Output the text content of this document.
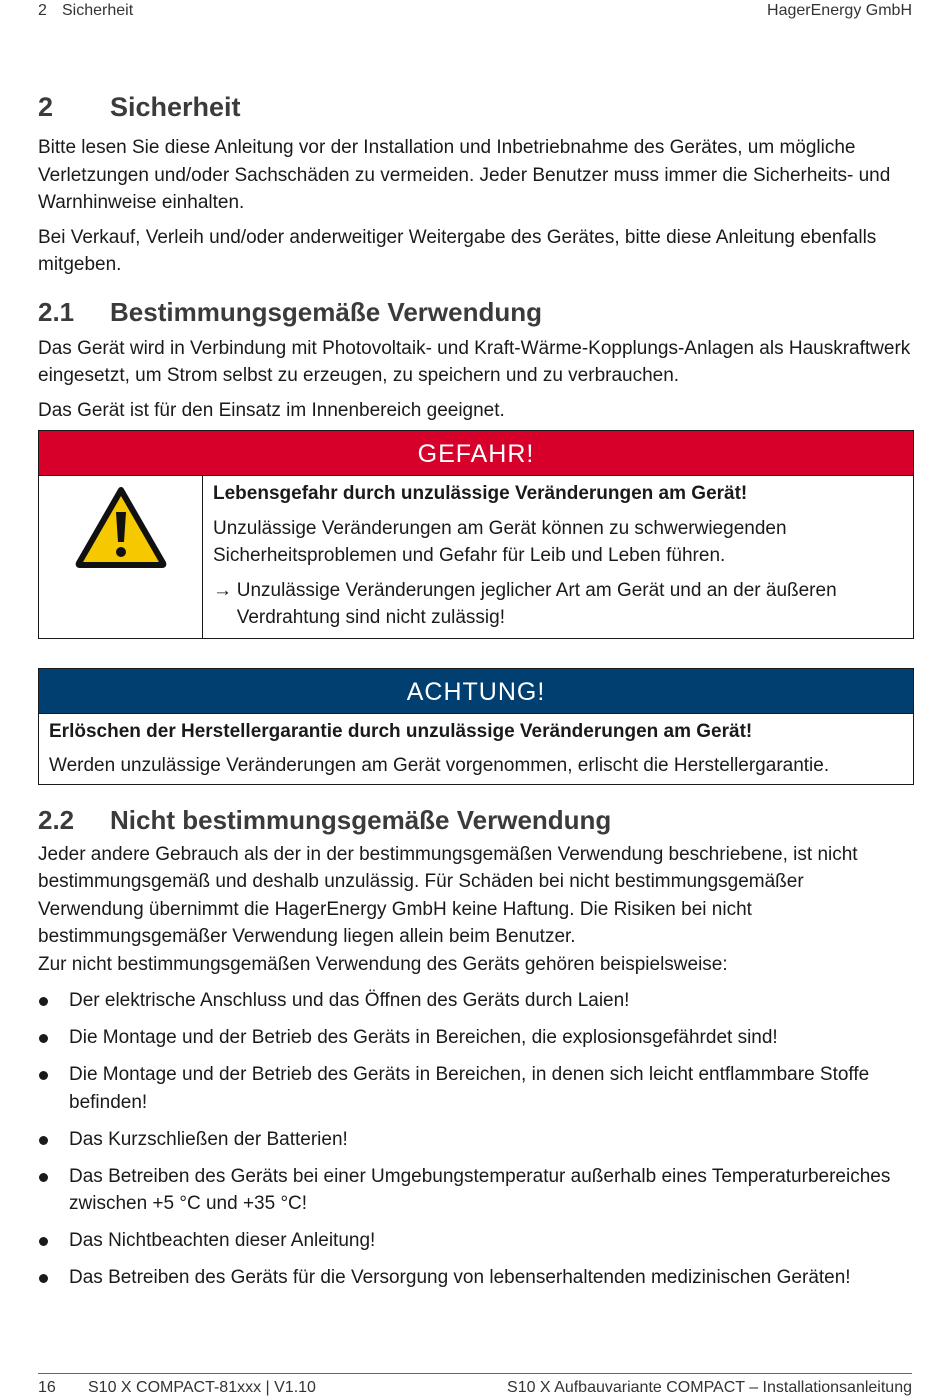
2 Sicherheit	HagerEnergy GmbH
2 Sicherheit

Bitte lesen Sie diese Anleitung vor der Installation und Inbetriebnahme des Gerätes, um mögliche Verletzungen und/oder Sachschäden zu vermeiden. Jeder Benutzer muss immer die Sicherheits- und Warnhinweise einhalten.

Bei Verkauf, Verleih und/oder anderweitiger Weitergabe des Gerätes, bitte diese Anleitung ebenfalls mitgeben.

2.1 Bestimmungsgemäße Verwendung

Das Gerät wird in Verbindung mit Photovoltaik- und Kraft-Wärme-Kopplungs-Anlagen als Hauskraftwerk eingesetzt, um Strom selbst zu erzeugen, zu speichern und zu verbrauchen.

Das Gerät ist für den Einsatz im Innenbereich geeignet.

GEFAHR!
Lebensgefahr durch unzulässige Veränderungen am Gerät!

Unzulässige Veränderungen am Gerät können zu schwerwiegenden Sicherheitsproblemen und Gefahr für Leib und Leben führen.

→ Unzulässige Veränderungen jeglicher Art am Gerät und an der äußeren Verdrahtung sind nicht zulässig!

ACHTUNG!
Erlöschen der Herstellergarantie durch unzulässige Veränderungen am Gerät!

Werden unzulässige Veränderungen am Gerät vorgenommen, erlischt die Herstellergarantie.

2.2 Nicht bestimmungsgemäße Verwendung

Jeder andere Gebrauch als der in der bestimmungsgemäßen Verwendung beschriebene, ist nicht bestimmungsgemäß und deshalb unzulässig. Für Schäden bei nicht bestimmungsgemäßer Verwendung übernimmt die HagerEnergy GmbH keine Haftung. Die Risiken bei nicht bestimmungsgemäßer Verwendung liegen allein beim Benutzer.

Zur nicht bestimmungsgemäßen Verwendung des Geräts gehören beispielsweise:

Der elektrische Anschluss und das Öffnen des Geräts durch Laien!
Die Montage und der Betrieb des Geräts in Bereichen, die explosionsgefährdet sind!
Die Montage und der Betrieb des Geräts in Bereichen, in denen sich leicht entflammbare Stoffe befinden!
Das Kurzschließen der Batterien!
Das Betreiben des Geräts bei einer Umgebungstemperatur außerhalb eines Temperaturbereiches zwischen +5 °C und +35 °C!
Das Nichtbeachten dieser Anleitung!
Das Betreiben des Geräts für die Versorgung von lebenserhaltenden medizinischen Geräten!
16 S10 X COMPACT-81xxx | V1.10	S10 X Aufbauvariante COMPACT – Installationsanleitung
